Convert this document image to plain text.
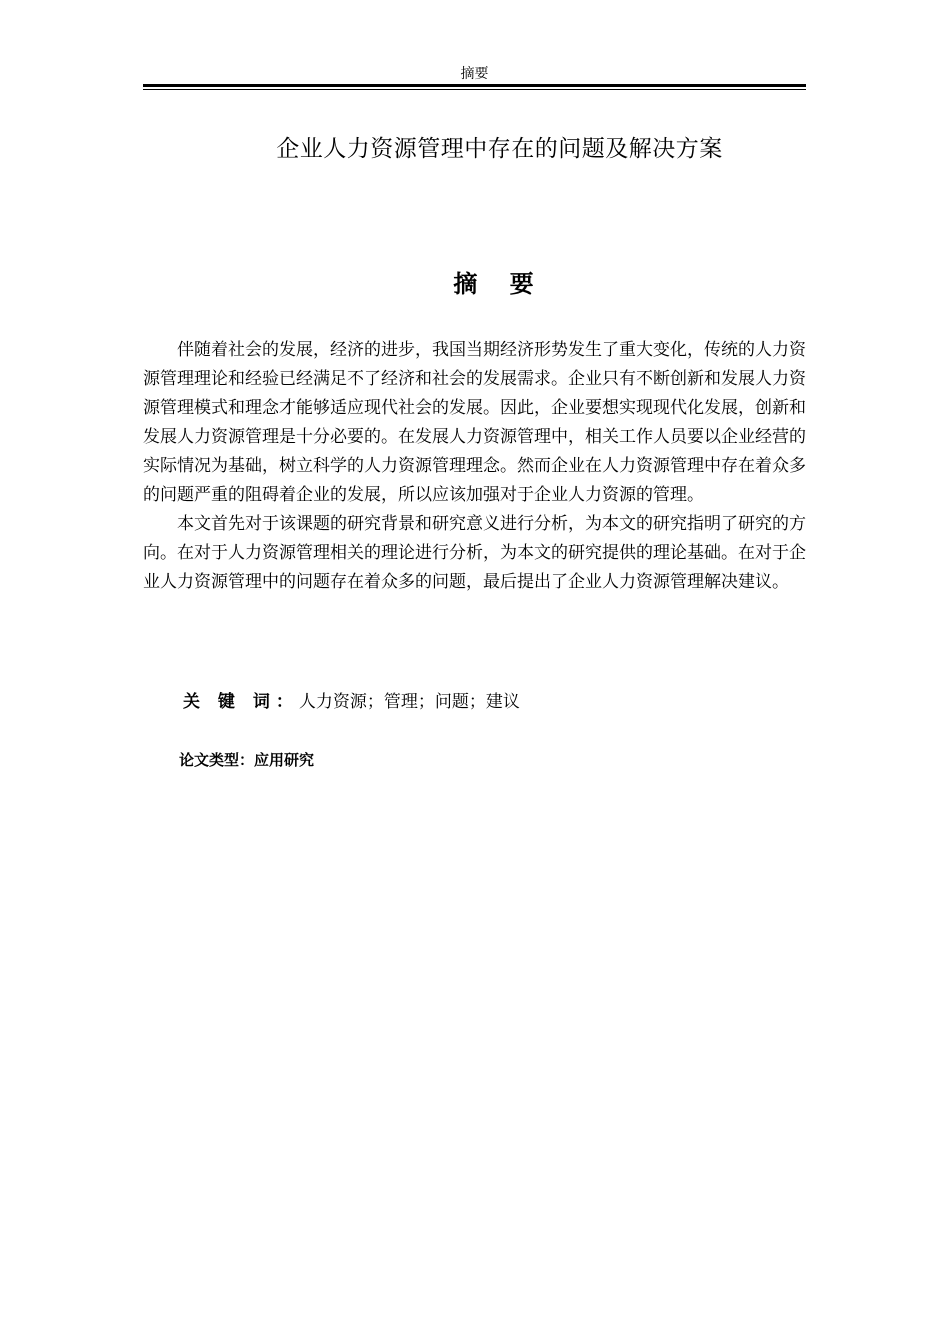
摘要
企业人力资源管理中存在的问题及解决方案
摘 要

伴随着社会的发展，经济的进步，我国当期经济形势发生了重大变化，传统的人力资源管理理论和经验已经满足不了经济和社会的发展需求。企业只有不断创新和发展人力资源管理模式和理念才能够适应现代社会的发展。因此，企业要想实现现代化发展，创新和发展人力资源管理是十分必要的。在发展人力资源管理中，相关工作人员要以企业经营的实际情况为基础，树立科学的人力资源管理理念。然而企业在人力资源管理中存在着众多的问题严重的阻碍着企业的发展，所以应该加强对于企业人力资源的管理。

本文首先对于该课题的研究背景和研究意义进行分析，为本文的研究指明了研究的方向。在对于人力资源管理相关的理论进行分析，为本文的研究提供的理论基础。在对于企业人力资源管理中的问题存在着众多的问题，最后提出了企业人力资源管理解决建议。

关 键 词：人力资源；管理；问题；建议
论文类型：应用研究
